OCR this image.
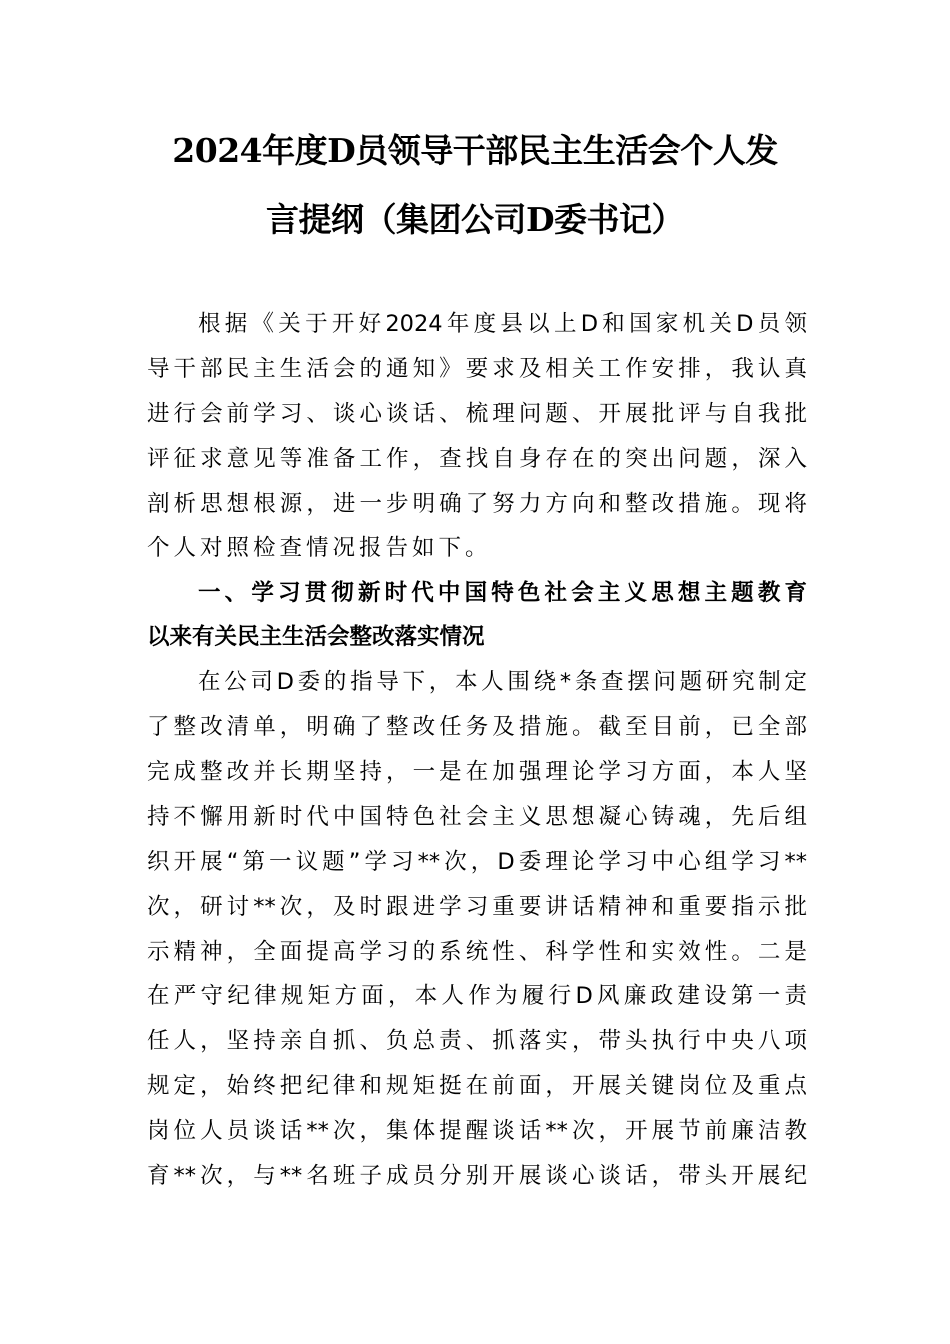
2024年度D员领导干部民主生活会个人发
言提纲（集团公司D委书记）
根据《关于开好2024年度县以上D和国家机关D员领
导干部民主生活会的通知》要求及相关工作安排，我认真
进行会前学习、谈心谈话、梳理问题、开展批评与自我批
评征求意见等准备工作，查找自身存在的突出问题，深入
剖析思想根源，进一步明确了努力方向和整改措施。现将
个人对照检查情况报告如下。
一、学习贯彻新时代中国特色社会主义思想主题教育
以来有关民主生活会整改落实情况
在公司D委的指导下，本人围绕*条查摆问题研究制定
了整改清单，明确了整改任务及措施。截至目前，已全部
完成整改并长期坚持，一是在加强理论学习方面，本人坚
持不懈用新时代中国特色社会主义思想凝心铸魂，先后组
织开展“第一议题”学习**次，D委理论学习中心组学习**
次，研讨**次，及时跟进学习重要讲话精神和重要指示批
示精神，全面提高学习的系统性、科学性和实效性。二是
在严守纪律规矩方面，本人作为履行D风廉政建设第一责
任人，坚持亲自抓、负总责、抓落实，带头执行中央八项
规定，始终把纪律和规矩挺在前面，开展关键岗位及重点
岗位人员谈话**次，集体提醒谈话**次，开展节前廉洁教
育**次，与**名班子成员分别开展谈心谈话，带头开展纪
